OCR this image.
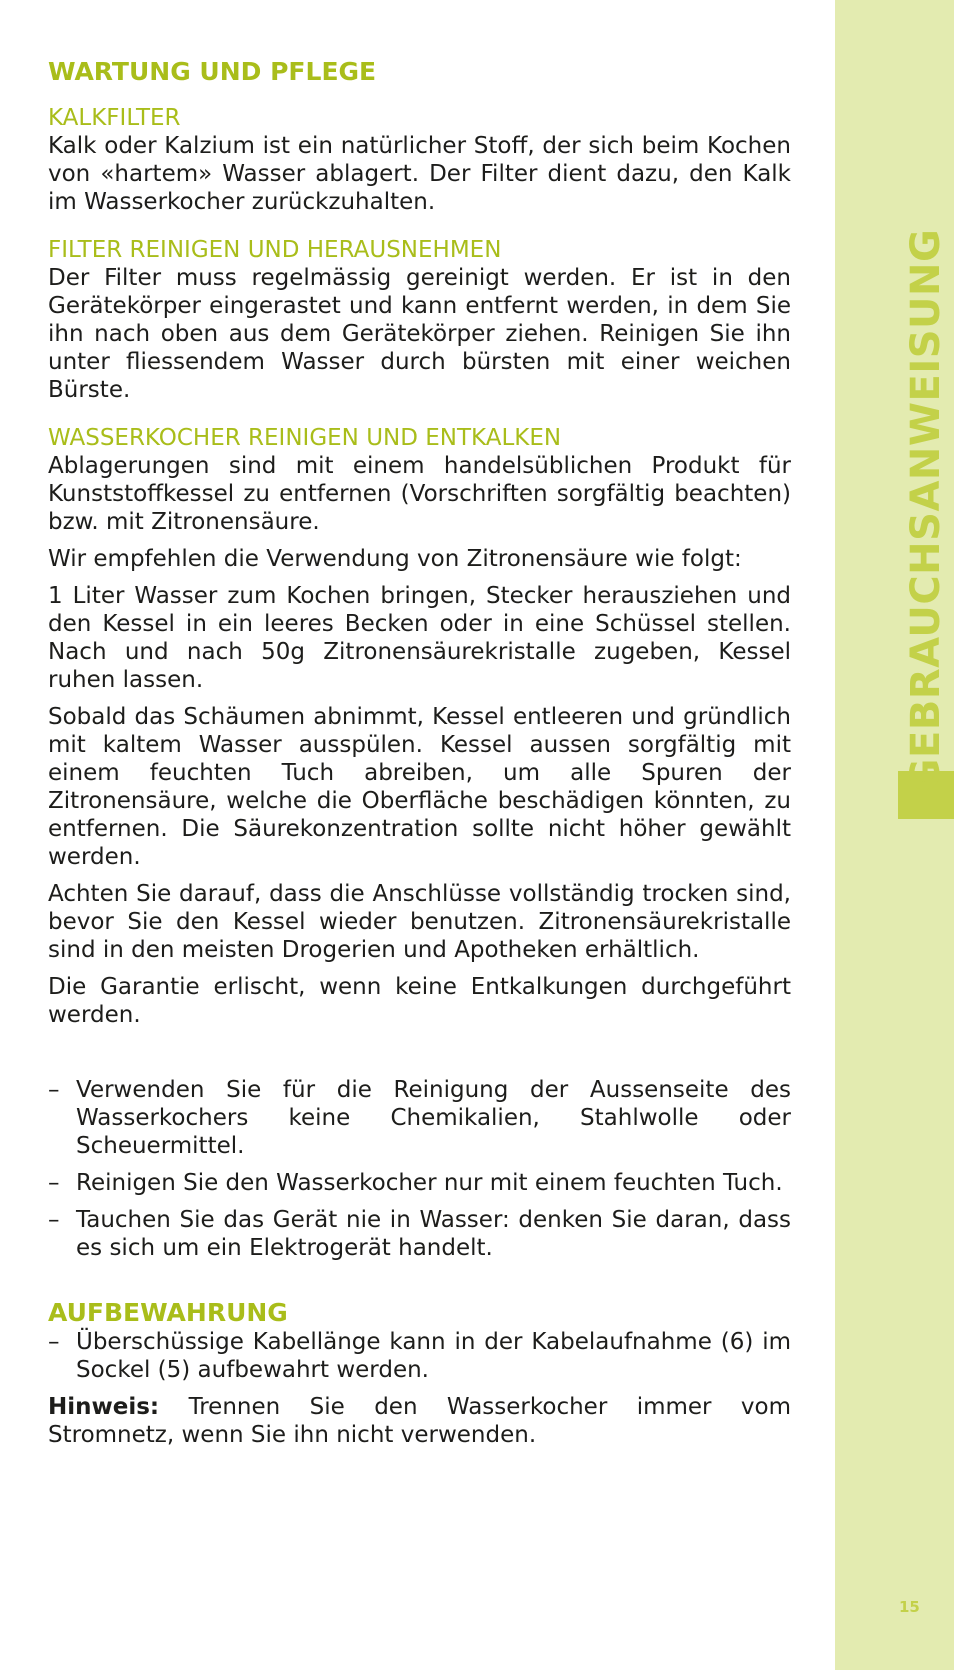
GEBRAUCHSANWEISUNG
15
WARTUNG UND PFLEGE
KALKFILTER

Kalk oder Kalzium ist ein natürlicher Stoff, der sich beim Kochen von «hartem» Wasser ablagert. Der Filter dient dazu, den Kalk im Wasserkocher zurückzuhalten.

FILTER REINIGEN UND HERAUSNEHMEN

Der Filter muss regelmässig gereinigt werden. Er ist in den Gerätekörper eingerastet und kann entfernt werden, in dem Sie ihn nach oben aus dem Gerätekörper ziehen. Reinigen Sie ihn unter fliessendem Wasser durch bürsten mit einer weichen Bürste.

WASSERKOCHER REINIGEN UND ENTKALKEN

Ablagerungen sind mit einem handelsüblichen Produkt für Kunststoffkessel zu entfernen (Vorschriften sorgfältig beachten) bzw. mit Zitronensäure.

Wir empfehlen die Verwendung von Zitronensäure wie folgt:

1 Liter Wasser zum Kochen bringen, Stecker herausziehen und den Kessel in ein leeres Becken oder in eine Schüssel stellen. Nach und nach 50g Zitronensäurekristalle zugeben, Kessel ruhen lassen.

Sobald das Schäumen abnimmt, Kessel entleeren und gründlich mit kaltem Wasser ausspülen. Kessel aussen sorgfältig mit einem feuchten Tuch abreiben, um alle Spuren der Zitronensäure, welche die Oberfläche beschädigen könnten, zu entfernen. Die Säurekonzentration sollte nicht höher gewählt werden.

Achten Sie darauf, dass die Anschlüsse vollständig trocken sind, bevor Sie den Kessel wieder benutzen. Zitronensäurekristalle sind in den meisten Drogerien und Apotheken erhältlich.

Die Garantie erlischt, wenn keine Entkalkungen durchgeführt werden.

– Verwenden Sie für die Reinigung der Aussenseite des Wasserkochers keine Chemikalien, Stahlwolle oder Scheuermittel.
– Reinigen Sie den Wasserkocher nur mit einem feuchten Tuch.
– Tauchen Sie das Gerät nie in Wasser: denken Sie daran, dass es sich um ein Elektrogerät handelt.
AUFBEWAHRUNG
– Überschüssige Kabellänge kann in der Kabelaufnahme (6) im Sockel (5) aufbewahrt werden.

Hinweis: Trennen Sie den Wasserkocher immer vom Stromnetz, wenn Sie ihn nicht verwenden.
